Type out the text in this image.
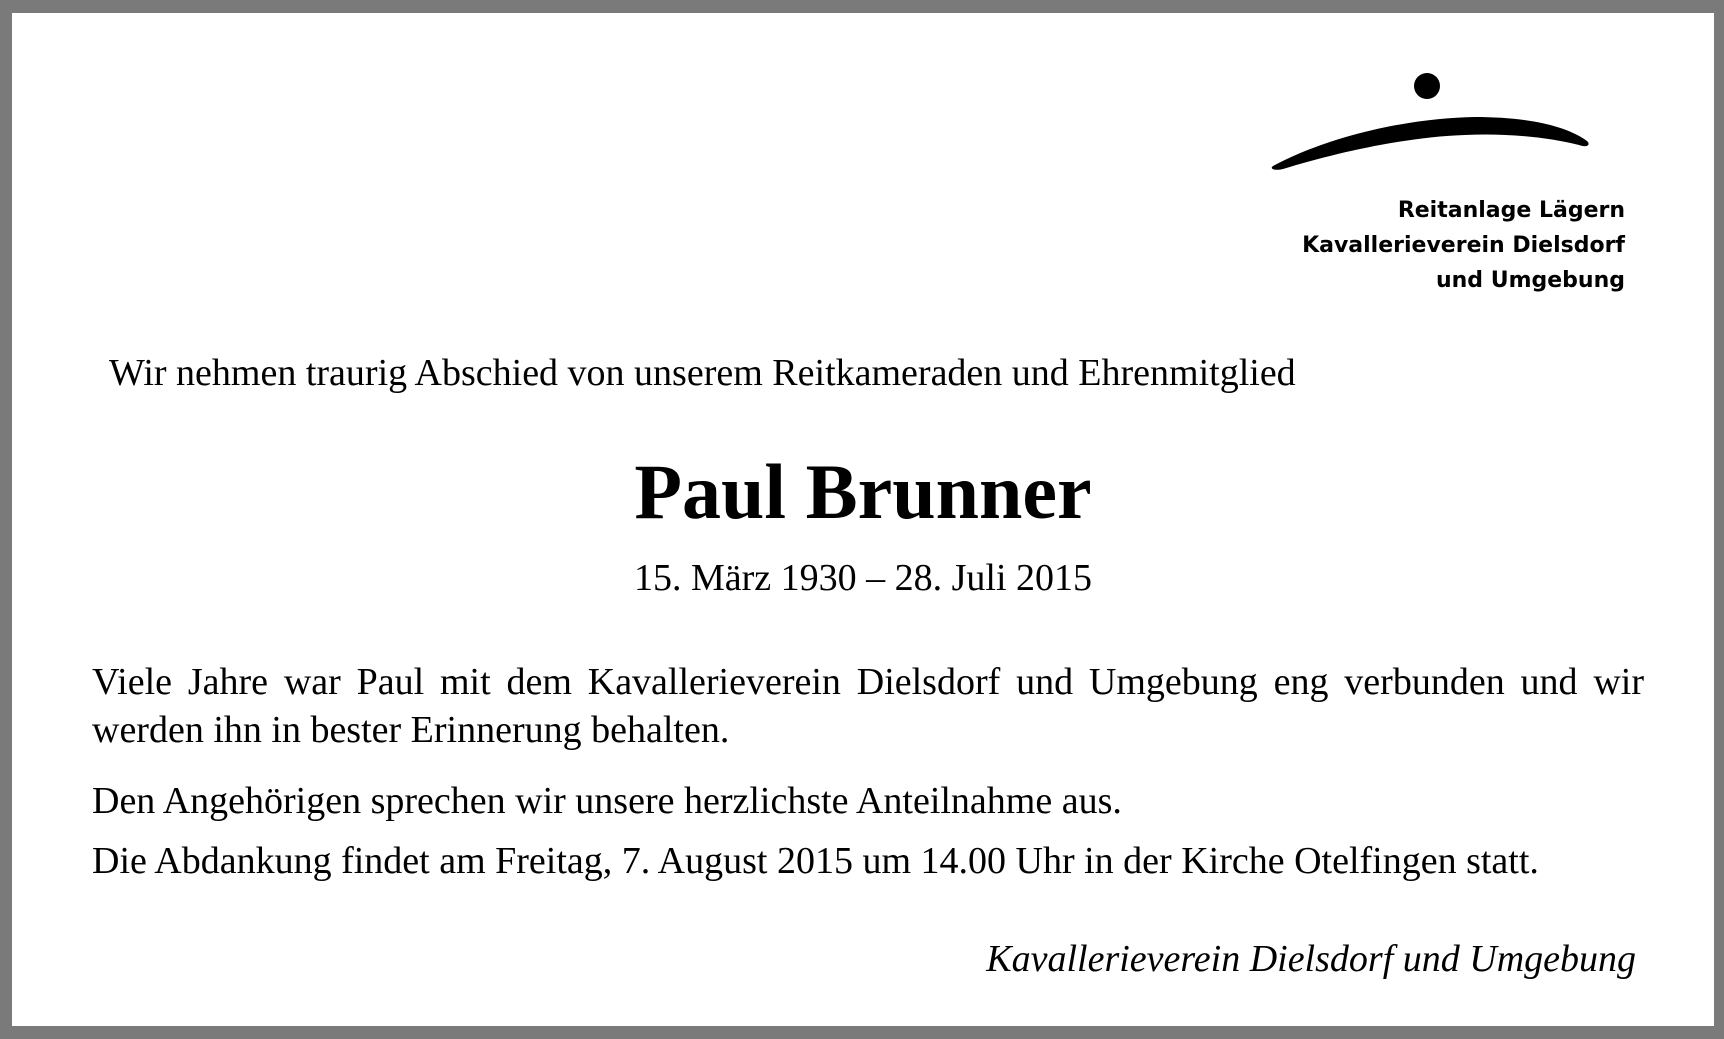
Reitanlage Lägern
Kavallerieverein Dielsdorf
und Umgebung
Wir nehmen traurig Abschied von unserem Reitkameraden und Ehrenmitglied
Paul Brunner
15. März 1930 – 28. Juli 2015
Viele Jahre war Paul mit dem Kavallerieverein Dielsdorf und Umgebung eng verbunden und wir werden ihn in bester Erinnerung behalten.
Den Angehörigen sprechen wir unsere herzlichste Anteilnahme aus.
Die Abdankung findet am Freitag, 7. August 2015 um 14.00 Uhr in der Kirche Otelfingen statt.
Kavallerieverein Dielsdorf und Umgebung
